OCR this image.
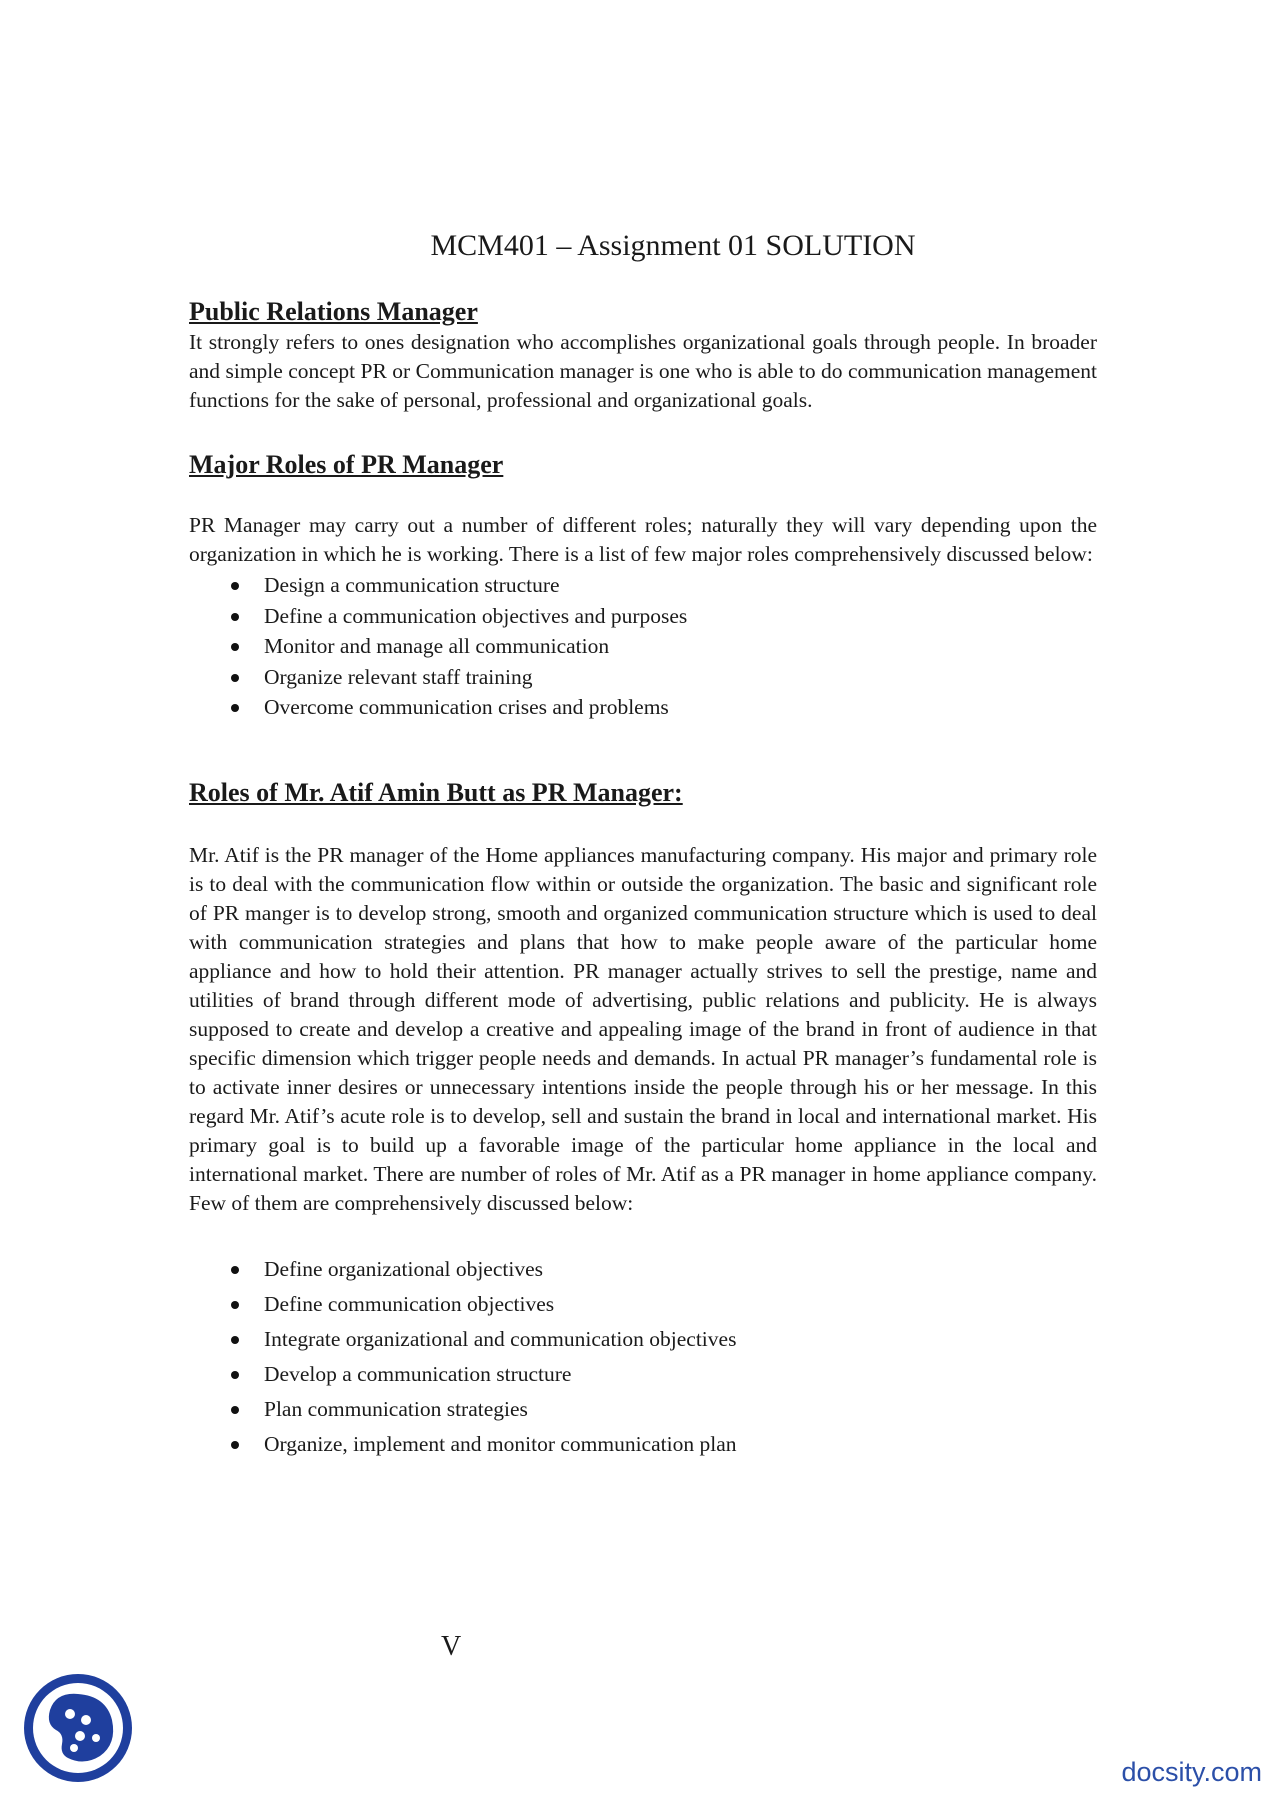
MCM401 – Assignment 01 SOLUTION
Public Relations Manager

It strongly refers to ones designation who accomplishes organizational goals through people. In broader and simple concept PR or Communication manager is one who is able to do communication management functions for the sake of personal, professional and organizational goals.

Major Roles of PR Manager

PR Manager may carry out a number of different roles; naturally they will vary depending upon the organization in which he is working. There is a list of few major roles comprehensively discussed below:

Design a communication structure
Define a communication objectives and purposes
Monitor and manage all communication
Organize relevant staff training
Overcome communication crises and problems
Roles of Mr. Atif Amin Butt as PR Manager:

Mr. Atif is the PR manager of the Home appliances manufacturing company. His major and primary role is to deal with the communication flow within or outside the organization. The basic and significant role of PR manger is to develop strong, smooth and organized communication structure which is used to deal with communication strategies and plans that how to make people aware of the particular home appliance and how to hold their attention. PR manager actually strives to sell the prestige, name and utilities of brand through different mode of advertising, public relations and publicity. He is always supposed to create and develop a creative and appealing image of the brand in front of audience in that specific dimension which trigger people needs and demands. In actual PR manager’s fundamental role is to activate inner desires or unnecessary intentions inside the people through his or her message. In this regard Mr. Atif’s acute role is to develop, sell and sustain the brand in local and international market. His primary goal is to build up a favorable image of the particular home appliance in the local and international market. There are number of roles of Mr. Atif as a PR manager in home appliance company. Few of them are comprehensively discussed below:

Define organizational objectives
Define communication objectives
Integrate organizational and communication objectives
Develop a communication structure
Plan communication strategies
Organize, implement and monitor communication plan
V
docsity.com
